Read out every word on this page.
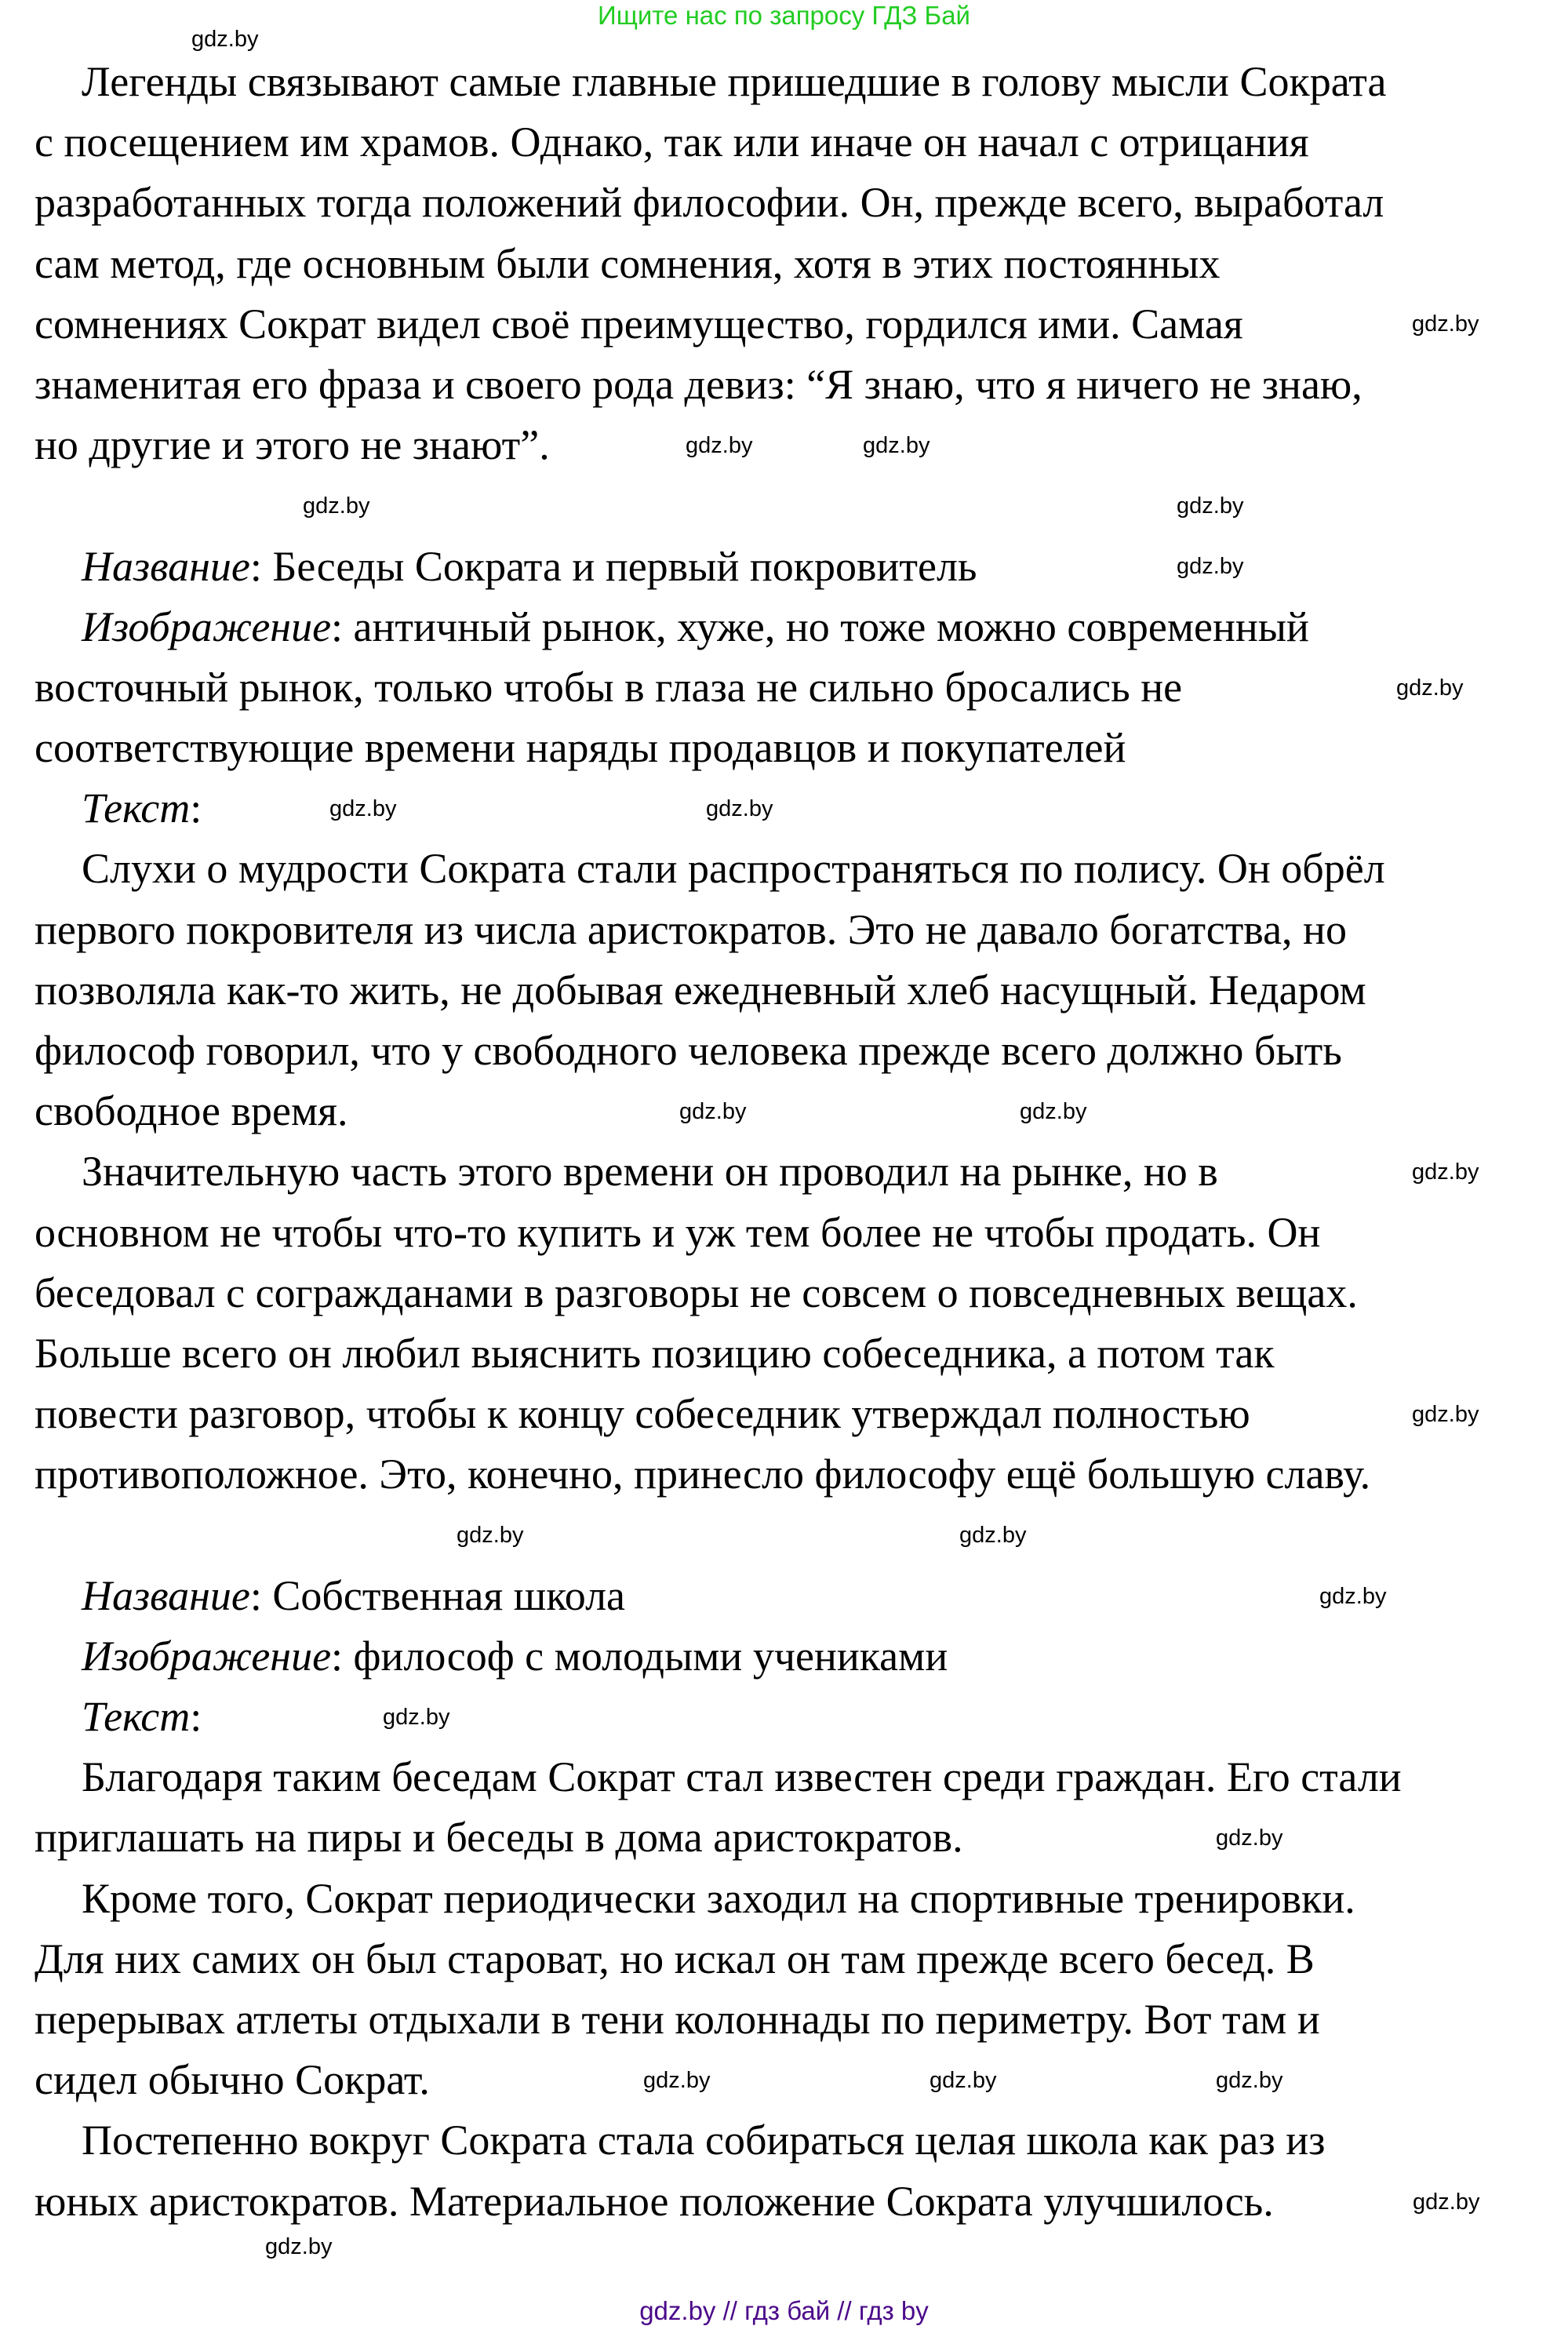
Ищите нас по запросу ГДЗ Бай
Легенды связывают самые главные пришедшие в голову мысли Сократа
с посещением им храмов. Однако, так или иначе он начал с отрицания
разработанных тогда положений философии. Он, прежде всего, выработал
сам метод, где основным были сомнения, хотя в этих постоянных
сомнениях Сократ видел своё преимущество, гордился ими. Самая
знаменитая его фраза и своего рода девиз: “Я знаю, что я ничего не знаю,
но другие и этого не знают”.
Название: Беседы Сократа и первый покровитель
Изображение: античный рынок, хуже, но тоже можно современный
восточный рынок, только чтобы в глаза не сильно бросались не
соответствующие времени наряды продавцов и покупателей
Текст:
Слухи о мудрости Сократа стали распространяться по полису. Он обрёл
первого покровителя из числа аристократов. Это не давало богатства, но
позволяла как-то жить, не добывая ежедневный хлеб насущный. Недаром
философ говорил, что у свободного человека прежде всего должно быть
свободное время.
Значительную часть этого времени он проводил на рынке, но в
основном не чтобы что-то купить и уж тем более не чтобы продать. Он
беседовал с согражданами в разговоры не совсем о повседневных вещах.
Больше всего он любил выяснить позицию собеседника, а потом так
повести разговор, чтобы к концу собеседник утверждал полностью
противоположное. Это, конечно, принесло философу ещё большую славу.
Название: Собственная школа
Изображение: философ с молодыми учениками
Текст:
Благодаря таким беседам Сократ стал известен среди граждан. Его стали
приглашать на пиры и беседы в дома аристократов.
Кроме того, Сократ периодически заходил на спортивные тренировки.
Для них самих он был староват, но искал он там прежде всего бесед. В
перерывах атлеты отдыхали в тени колоннады по периметру. Вот там и
сидел обычно Сократ.
Постепенно вокруг Сократа стала собираться целая школа как раз из
юных аристократов. Материальное положение Сократа улучшилось.
gdz.by
gdz.by
gdz.by
gdz.by
gdz.by
gdz.by
gdz.by
gdz.by
gdz.by	gdz.by
gdz.by
gdz.by
gdz.by
gdz.by
gdz.by
gdz.by
gdz.by
gdz.by
gdz.by
gdz.by
gdz.by
gdz.by
gdz.by
gdz.by
gdz.by // гдз бай // гдз by
